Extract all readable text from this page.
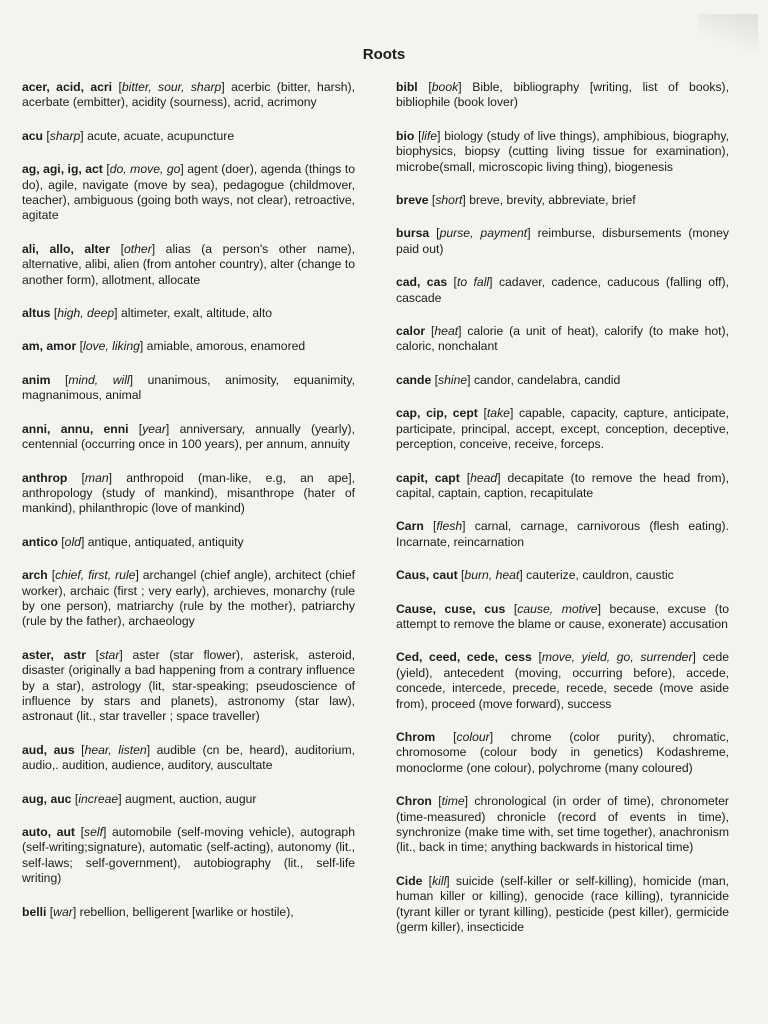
Roots

acer, acid, acri [bitter, sour, sharp] acerbic (bitter, harsh), acerbate (embitter), acidity (sourness), acrid, acrimony

acu [sharp] acute, acuate, acupuncture

ag, agi, ig, act [do, move, go] agent (doer), agenda (things to do), agile, navigate (move by sea), pedagogue (childmover, teacher), ambiguous (going both ways, not clear), retroactive, agitate

ali, allo, alter [other] alias (a person's other name), alternative, alibi, alien (from antoher country), alter (change to another form), allotment, allocate

altus [high, deep] altimeter, exalt, altitude, alto

am, amor [love, liking] amiable, amorous, enamored

anim [mind, will] unanimous, animosity, equanimity, magnanimous, animal

anni, annu, enni [year] anniversary, annually (yearly), centennial (occurring once in 100 years), per annum, annuity

anthrop [man] anthropoid (man-like, e.g, an ape], anthropology (study of mankind), misanthrope (hater of mankind), philanthropic (love of mankind)

antico [old] antique, antiquated, antiquity

arch [chief, first, rule] archangel (chief angle), architect (chief worker), archaic (first ; very early), archieves, monarchy (rule by one person), matriarchy (rule by the mother), patriarchy (rule by the father), archaeology

aster, astr [star] aster (star flower), asterisk, asteroid, disaster (originally a bad happening from a contrary influence by a star), astrology (lit, star-speaking; pseudoscience of influence by stars and planets), astronomy (star law), astronaut (lit., star traveller ; space traveller)

aud, aus [hear, listen] audible (cn be, heard), auditorium, audio,. audition, audience, auditory, auscultate

aug, auc [increae] augment, auction, augur

auto, aut [self] automobile (self-moving vehicle), autograph (self-writing;signature), automatic (self-acting), autonomy (lit., self-laws; self-government), autobiography (lit., self-life writing)

belli [war] rebellion, belligerent [warlike or hostile),

bibl [book] Bible, bibliography [writing, list of books), bibliophile (book lover)

bio [life] biology (study of live things), amphibious, biography, biophysics, biopsy (cutting living tissue for examination), microbe(small, microscopic living thing), biogenesis

breve [short] breve, brevity, abbreviate, brief

bursa [purse, payment] reimburse, disbursements (money paid out)

cad, cas [to fall] cadaver, cadence, caducous (falling off), cascade

calor [heat] calorie (a unit of heat), calorify (to make hot), caloric, nonchalant

cande [shine] candor, candelabra, candid

cap, cip, cept [take] capable, capacity, capture, anticipate, participate, principal, accept, except, conception, deceptive, perception, conceive, receive, forceps.

capit, capt [head] decapitate (to remove the head from), capital, captain, caption, recapitulate

Carn [flesh] carnal, carnage, carnivorous (flesh eating). Incarnate, reincarnation

Caus, caut [burn, heat] cauterize, cauldron, caustic

Cause, cuse, cus [cause, motive] because, excuse (to attempt to remove the blame or cause, exonerate) accusation

Ced, ceed, cede, cess [move, yield, go, surrender] cede (yield), antecedent (moving, occurring before), accede, concede, intercede, precede, recede, secede (move aside from), proceed (move forward), success

Chrom [colour] chrome (color purity), chromatic, chromosome (colour body in genetics) Kodashreme, monoclorme (one colour), polychrome (many coloured)

Chron [time] chronological (in order of time), chronometer (time-measured) chronicle (record of events in time), synchronize (make time with, set time together), anachronism (lit., back in time; anything backwards in historical time)

Cide [kill] suicide (self-killer or self-killing), homicide (man, human killer or killing), genocide (race killing), tyrannicide (tyrant killer or tyrant killing), pesticide (pest killer), germicide (germ killer), insecticide
